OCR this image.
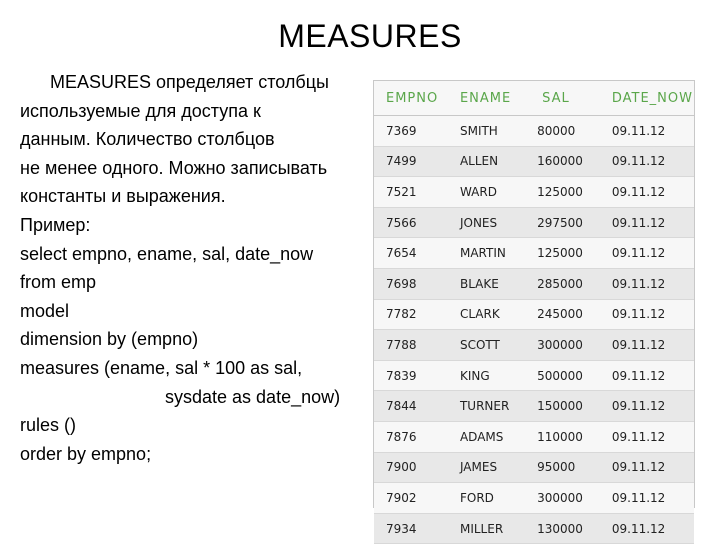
MEASURES
MEASURES определяет столбцы
используемые для доступа к
данным. Количество столбцов
не менее одного. Можно записывать
константы и выражения.
Пример:
select empno, ename, sal, date_now
from emp
model
dimension by (empno)
measures (ename, sal * 100 as sal,
sysdate as date_now)
rules ()
order by empno;
EMPNO	ENAME	SAL	DATE_NOW
7369	SMITH	80000	09.11.12
7499	ALLEN	160000	09.11.12
7521	WARD	125000	09.11.12
7566	JONES	297500	09.11.12
7654	MARTIN	125000	09.11.12
7698	BLAKE	285000	09.11.12
7782	CLARK	245000	09.11.12
7788	SCOTT	300000	09.11.12
7839	KING	500000	09.11.12
7844	TURNER	150000	09.11.12
7876	ADAMS	110000	09.11.12
7900	JAMES	95000	09.11.12
7902	FORD	300000	09.11.12
7934	MILLER	130000	09.11.12
